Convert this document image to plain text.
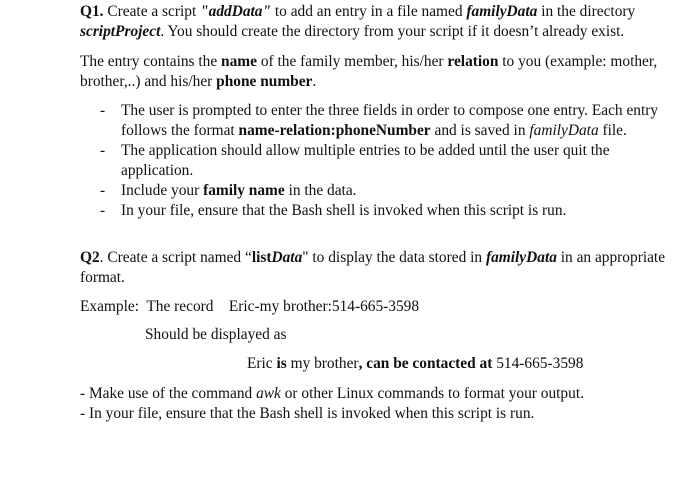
Q1. Create a script "addData" to add an entry in a file named familyData in the directory scriptProject. You should create the directory from your script if it doesn’t already exist.

The entry contains the name of the family member, his/her relation to you (example: mother, brother,..) and his/her phone number.

- The user is prompted to enter the three fields in order to compose one entry. Each entry follows the format name-relation:phoneNumber and is saved in familyData file.
- The application should allow multiple entries to be added until the user quit the application.
- Include your family name in the data.
- In your file, ensure that the Bash shell is invoked when this script is run.

Q2. Create a script named “listData" to display the data stored in familyData in an appropriate format.

Example:  The record Eric-my brother:514-665-3598

Should be displayed as

Eric is my brother, can be contacted at 514-665-3598

- Make use of the command awk or other Linux commands to format your output.

- In your file, ensure that the Bash shell is invoked when this script is run.
